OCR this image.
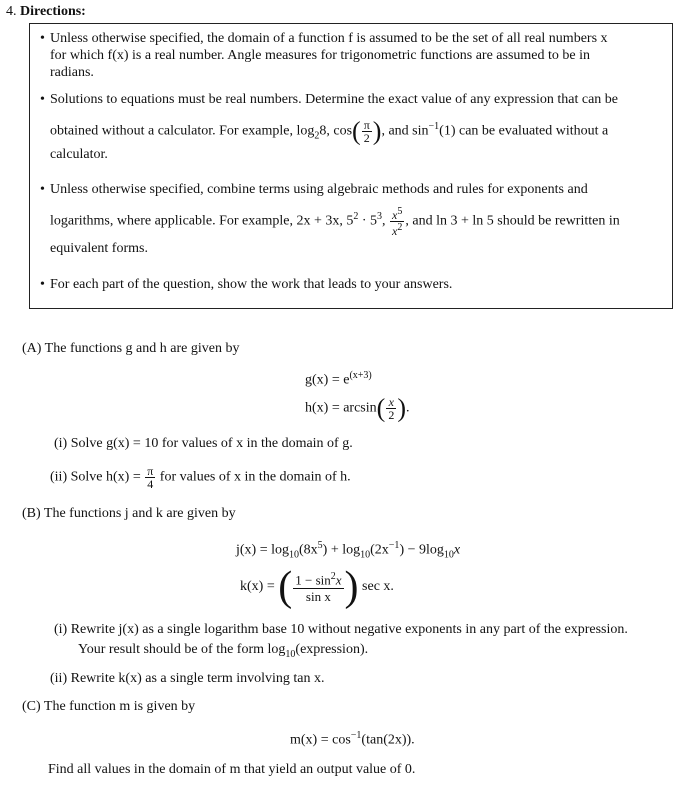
4. Directions:
• Unless otherwise specified, the domain of a function f is assumed to be the set of all real numbers x
for which f(x) is a real number. Angle measures for trigonometric functions are assumed to be in
radians.
• Solutions to equations must be real numbers. Determine the exact value of any expression that can be
obtained without a calculator. For example, $\log_28$, $\cos( \frac{\pi}{2}$ ), and $\sin^{-1}(1)$ can be evaluated without a
calculator.
• Unless otherwise specified, combine terms using algebraic methods and rules for exponents and
logarithms, where applicable. For example, 2x + 3x, $5^2 \cdot 5^3$, $\frac{x^5}{x^2}$ , and ln 3 + ln 5 should be rewritten in
equivalent forms.
• For each part of the question, show the work that leads to your answers.
(A) The functions g and h are given by
$g(x) = e^{(x+3)}$
$h(x) = \arcsin( \frac{x}{2}$ ).
(i) Solve g(x) = 10 for values of x in the domain of g.
(ii) Solve $h(x) = \frac{\pi}{4}$ for values of x in the domain of h.
(B) The functions j and k are given by
$j(x) = \log_{10}(8x^5) + \log_{10}(2x^{-1}) - 9\log_{10}x$
k(x) = ( $\frac{1 - \sin^2x}{\text{sin x}}$ ) sec x.
(i) Rewrite j(x) as a single logarithm base 10 without negative exponents in any part of the expression.
Your result should be of the form $\log_{10}(expression)$.
(ii) Rewrite k(x) as a single term involving tan x.
(C) The function m is given by
$m(x) = \cos^{-1}(\tan(2x))$.
Find all values in the domain of m that yield an output value of 0.
